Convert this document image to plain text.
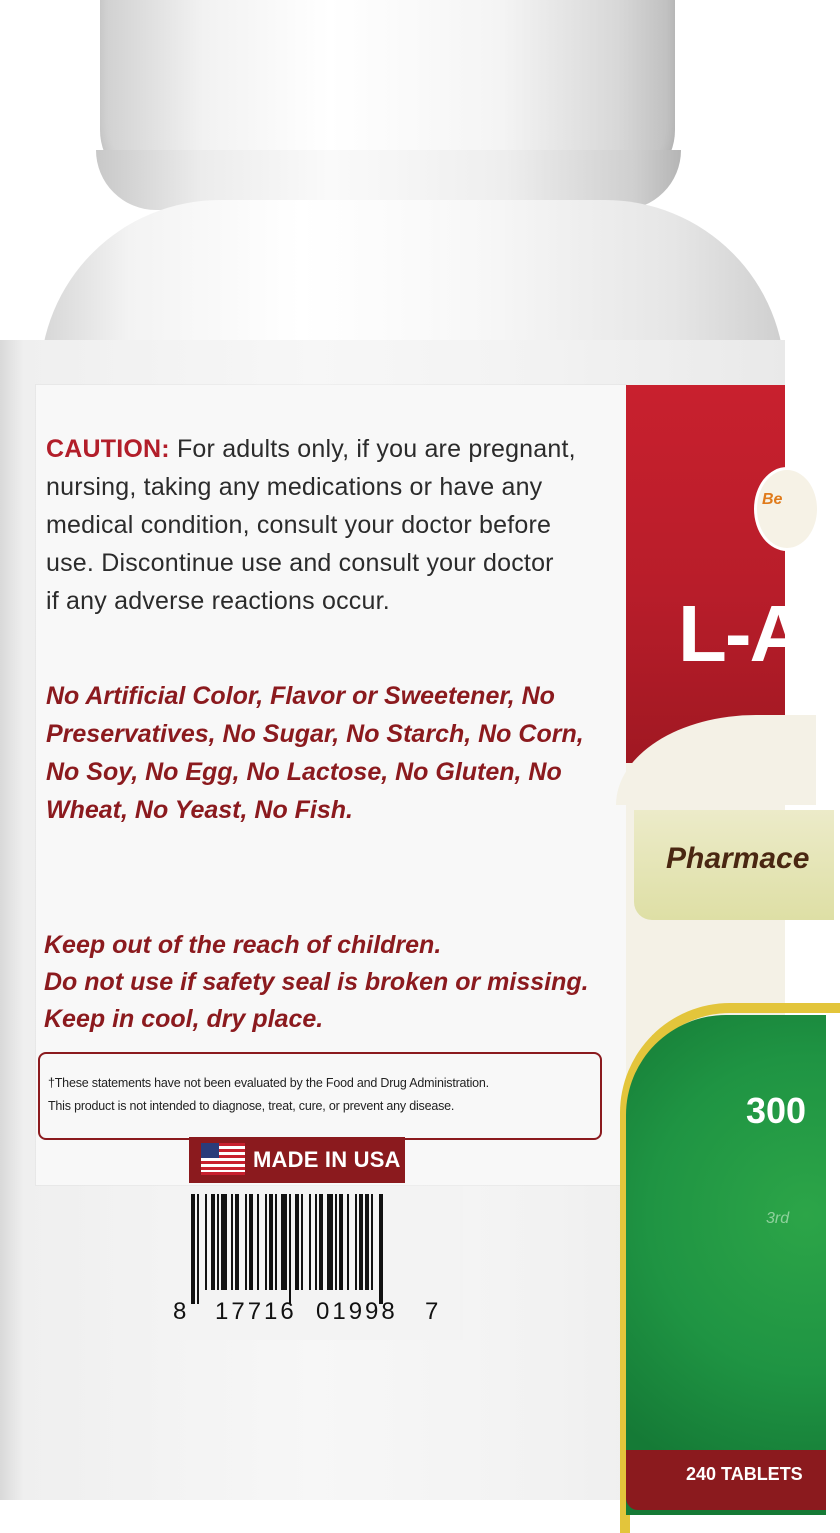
CAUTION: For adults only, if you are pregnant,
nursing, taking any medications or have any
medical condition, consult your doctor before
use. Discontinue use and consult your doctor
if any adverse reactions occur.
No Artificial Color, Flavor or Sweetener, No
Preservatives, No Sugar, No Starch, No Corn,
No Soy, No Egg, No Lactose, No Gluten, No
Wheat, No Yeast, No Fish.
Keep out of the reach of children.
Do not use if safety seal is broken or missing.
Keep in cool, dry place.
†These statements have not been evaluated by the Food and Drug Administration.
This product is not intended to diagnose, treat, cure, or prevent any disease.
MADE IN USA
8 17716 01998 7
Be
L-Ar
Pharmace
300
3rd
240 TABLETS
